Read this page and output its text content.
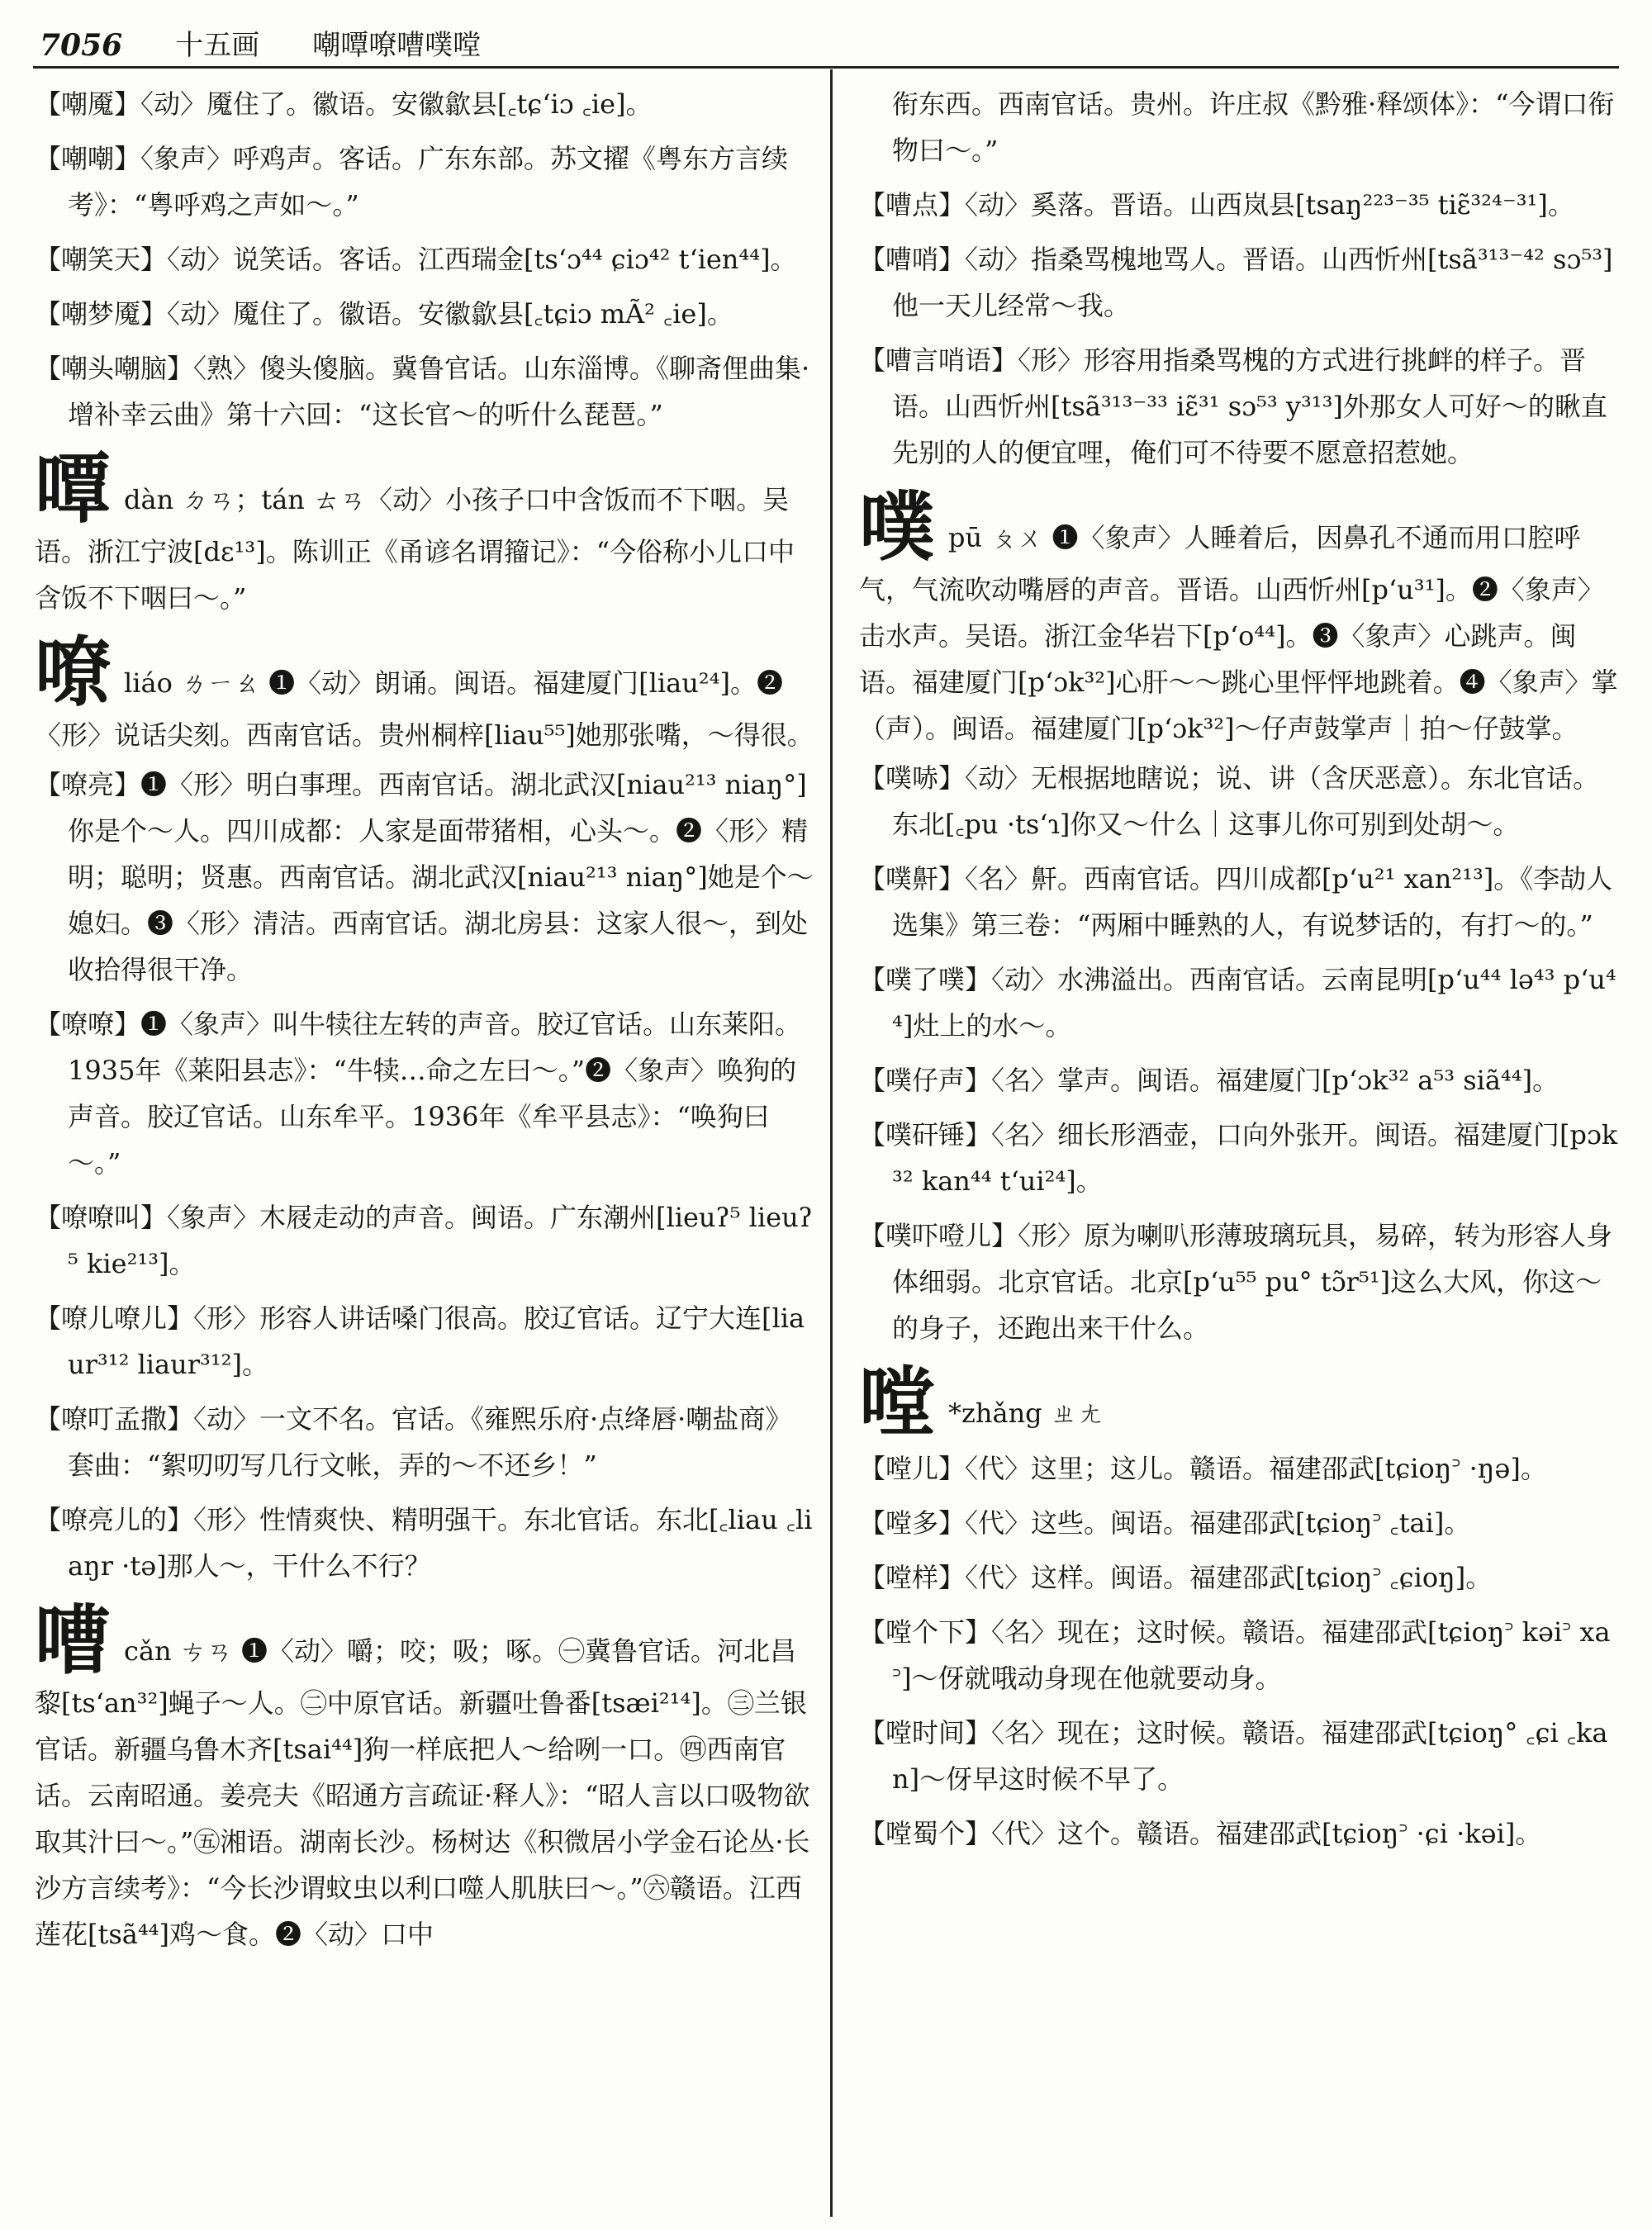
7056 十五画 嘲嘾嘹嘈噗嘡
【嘲魇】〈动〉魇住了。徽语。安徽歙县[꜀tɕʻiɔ ꜀ie]。
【嘲嘲】〈象声〉呼鸡声。客话。广东东部。苏文擢《粤东方言续考》：“粤呼鸡之声如～。”
【嘲笑天】〈动〉说笑话。客话。江西瑞金[tsʻɔ⁴⁴ ɕiɔ⁴² tʻien⁴⁴]。
【嘲梦魇】〈动〉魇住了。徽语。安徽歙县[꜀tɕiɔ mÃ² ꜀ie]。
【嘲头嘲脑】〈熟〉傻头傻脑。冀鲁官话。山东淄博。《聊斋俚曲集·增补幸云曲》第十六回：“这长官～的听什么琵琶。”
嘾dàn ㄉㄢ；tán ㄊㄢ〈动〉小孩子口中含饭而不下咽。吴语。浙江宁波[dɛ¹³]。陈训正《甬谚名谓籀记》：“今俗称小儿口中含饭不下咽曰～。”
嘹liáo ㄌㄧㄠ ❶〈动〉朗诵。闽语。福建厦门[liau²⁴]。❷〈形〉说话尖刻。西南官话。贵州桐梓[liau⁵⁵]她那张嘴，～得很。
【嘹亮】❶〈形〉明白事理。西南官话。湖北武汉[niau²¹³ niaŋ°]你是个～人。四川成都：人家是面带猪相，心头～。❷〈形〉精明；聪明；贤惠。西南官话。湖北武汉[niau²¹³ niaŋ°]她是个～媳妇。❸〈形〉清洁。西南官话。湖北房县：这家人很～，到处收拾得很干净。
【嘹嘹】❶〈象声〉叫牛犊往左转的声音。胶辽官话。山东莱阳。1935年《莱阳县志》：“牛犊…命之左曰～。”❷〈象声〉唤狗的声音。胶辽官话。山东牟平。1936年《牟平县志》：“唤狗曰～。”
【嘹嘹叫】〈象声〉木屐走动的声音。闽语。广东潮州[lieuʔ⁵ lieuʔ⁵ kie²¹³]。
【嘹儿嘹儿】〈形〉形容人讲话嗓门很高。胶辽官话。辽宁大连[liaur³¹² liaur³¹²]。
【嘹叮孟撒】〈动〉一文不名。官话。《雍熙乐府·点绛唇·嘲盐商》套曲：“絮叨叨写几行文帐，弄的～不还乡！”
【嘹亮儿的】〈形〉性情爽快、精明强干。东北官话。东北[꜀liau ꜀liaŋr ·tə]那人～，干什么不行？
嘈cǎn ㄘㄢ ❶〈动〉嚼；咬；吸；啄。㊀冀鲁官话。河北昌黎[tsʻan³²]蝇子～人。㊁中原官话。新疆吐鲁番[tsæi²¹⁴]。㊂兰银官话。新疆乌鲁木齐[tsai⁴⁴]狗一样底把人～给咧一口。㊃西南官话。云南昭通。姜亮夫《昭通方言疏证·释人》：“昭人言以口吸物欲取其汁曰～。”㊄湘语。湖南长沙。杨树达《积微居小学金石论丛·长沙方言续考》：“今长沙谓蚊虫以利口噬人肌肤曰～。”㊅赣语。江西莲花[tsã⁴⁴]鸡～食。❷〈动〉口中
衔东西。西南官话。贵州。许庄叔《黔雅·释颂体》：“今谓口衔物曰～。”
【嘈点】〈动〉奚落。晋语。山西岚县[tsaŋ²²³⁻³⁵ tiɛ̃³²⁴⁻³¹]。
【嘈哨】〈动〉指桑骂槐地骂人。晋语。山西忻州[tsã³¹³⁻⁴² sɔ⁵³]他一天儿经常～我。
【嘈言哨语】〈形〉形容用指桑骂槐的方式进行挑衅的样子。晋语。山西忻州[tsã³¹³⁻³³ iɛ̃³¹ sɔ⁵³ y³¹³]外那女人可好～的瞅直先别的人的便宜哩，俺们可不待要不愿意招惹她。
噗pū ㄆㄨ ❶〈象声〉人睡着后，因鼻孔不通而用口腔呼气，气流吹动嘴唇的声音。晋语。山西忻州[pʻu³¹]。❷〈象声〉击水声。吴语。浙江金华岩下[pʻo⁴⁴]。❸〈象声〉心跳声。闽语。福建厦门[pʻɔk³²]心肝～～跳心里怦怦地跳着。❹〈象声〉掌（声）。闽语。福建厦门[pʻɔk³²]～仔声鼓掌声｜拍～仔鼓掌。
【噗哧】〈动〉无根据地瞎说；说、讲（含厌恶意）。东北官话。东北[꜀pu ·tsʻɿ]你又～什么｜这事儿你可别到处胡～。
【噗鼾】〈名〉鼾。西南官话。四川成都[pʻu²¹ xan²¹³]。《李劼人选集》第三卷：“两厢中睡熟的人，有说梦话的，有打～的。”
【噗了噗】〈动〉水沸溢出。西南官话。云南昆明[pʻu⁴⁴ lə⁴³ pʻu⁴⁴]灶上的水～。
【噗仔声】〈名〉掌声。闽语。福建厦门[pʻɔk³² a⁵³ siã⁴⁴]。
【噗矸锤】〈名〉细长形酒壶，口向外张开。闽语。福建厦门[pɔk³² kan⁴⁴ tʻui²⁴]。
【噗吓噔儿】〈形〉原为喇叭形薄玻璃玩具，易碎，转为形容人身体细弱。北京官话。北京[pʻu⁵⁵ pu° tɔ̃r⁵¹]这么大风，你这～的身子，还跑出来干什么。
嘡 *zhǎng ㄓㄤ
【嘡儿】〈代〉这里；这儿。赣语。福建邵武[tɕioŋ꜄ ·ŋə]。
【嘡多】〈代〉这些。闽语。福建邵武[tɕioŋ꜄ ꜀tai]。
【嘡样】〈代〉这样。闽语。福建邵武[tɕioŋ꜄ ꜀ɕioŋ]。
【嘡个下】〈名〉现在；这时候。赣语。福建邵武[tɕioŋ꜄ kəi꜄ xa꜄]～伢就哦动身现在他就要动身。
【嘡时间】〈名〉现在；这时候。赣语。福建邵武[tɕioŋ° ꜀ɕi ꜀kan]～伢早这时候不早了。
【嘡蜀个】〈代〉这个。赣语。福建邵武[tɕioŋ꜄ ·ɕi ·kəi]。
